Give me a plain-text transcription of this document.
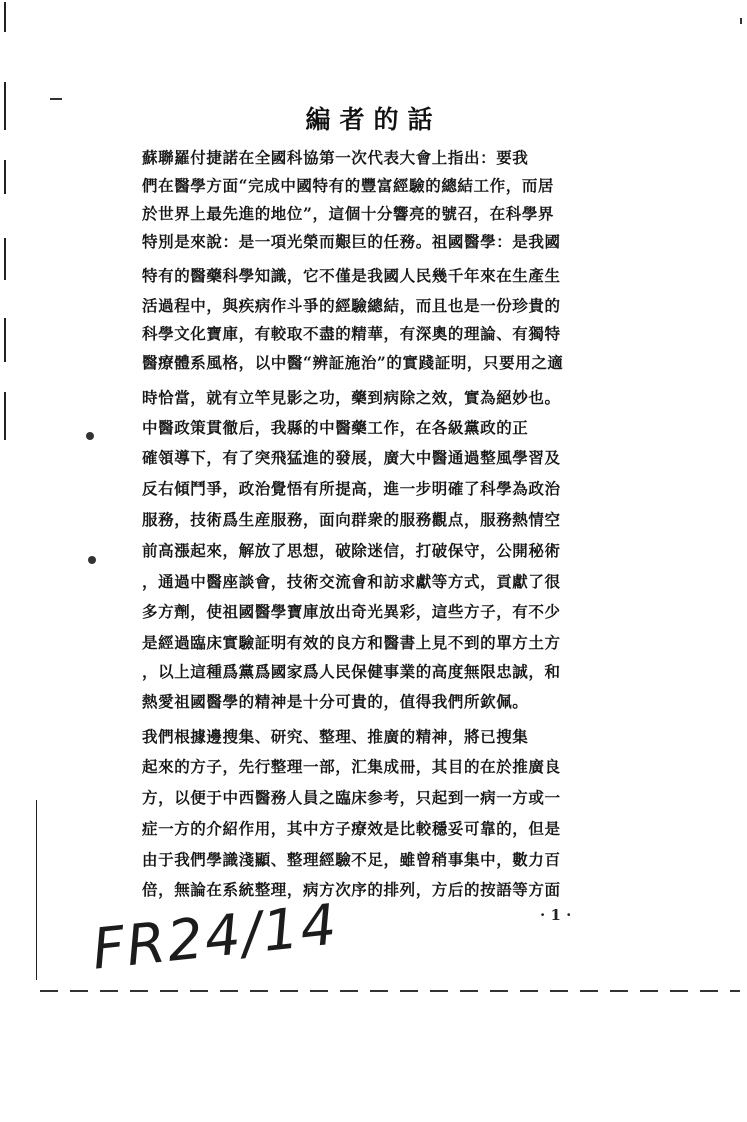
編者的話
蘇聯羅付捷諾在全國科協第一次代表大會上指出：要我
們在醫學方面“完成中國特有的豐富經驗的總結工作，而居
於世界上最先進的地位”，這個十分響亮的號召，在科學界
特別是來說：是一項光榮而艱巨的任務。祖國醫學：是我國
特有的醫藥科學知識，它不僅是我國人民幾千年來在生產生
活過程中，與疾病作斗爭的經驗總結，而且也是一份珍貴的
科學文化寶庫，有較取不盡的精華，有深奧的理論、有獨特
醫療體系風格，以中醫“辨証施治”的實踐証明，只要用之適
時恰當，就有立竿見影之功，藥到病除之效，實為絕妙也。
中醫政策貫徹后，我縣的中醫藥工作，在各級黨政的正
確領導下，有了突飛猛進的發展，廣大中醫通過整風學習及
反右傾鬥爭，政治覺悟有所提高，進一步明確了科學為政治
服務，技術爲生産服務，面向群衆的服務觀点，服務熱情空
前高漲起來，解放了思想，破除迷信，打破保守，公開秘術
，通過中醫座談會，技術交流會和訪求獻等方式，貢獻了很
多方劑，使祖國醫學寶庫放出奇光異彩，這些方子，有不少
是經過臨床實驗証明有效的良方和醫書上見不到的單方土方
，以上這種爲黨爲國家爲人民保健事業的高度無限忠誠，和
熱愛祖國醫學的精神是十分可貴的，值得我們所欽佩。
我們根據邊搜集、研究、整理、推廣的精神，將已搜集
起來的方子，先行整理一部，汇集成冊，其目的在於推廣良
方，以便于中西醫務人員之臨床参考，只起到一病一方或一
症一方的介紹作用，其中方子療效是比較穩妥可靠的，但是
由于我們學識淺顯、整理經驗不足，雖曾稍事集中，數力百
倍，無論在系統整理，病方次序的排列，方后的按語等方面
· 1 ·
FR24/14
